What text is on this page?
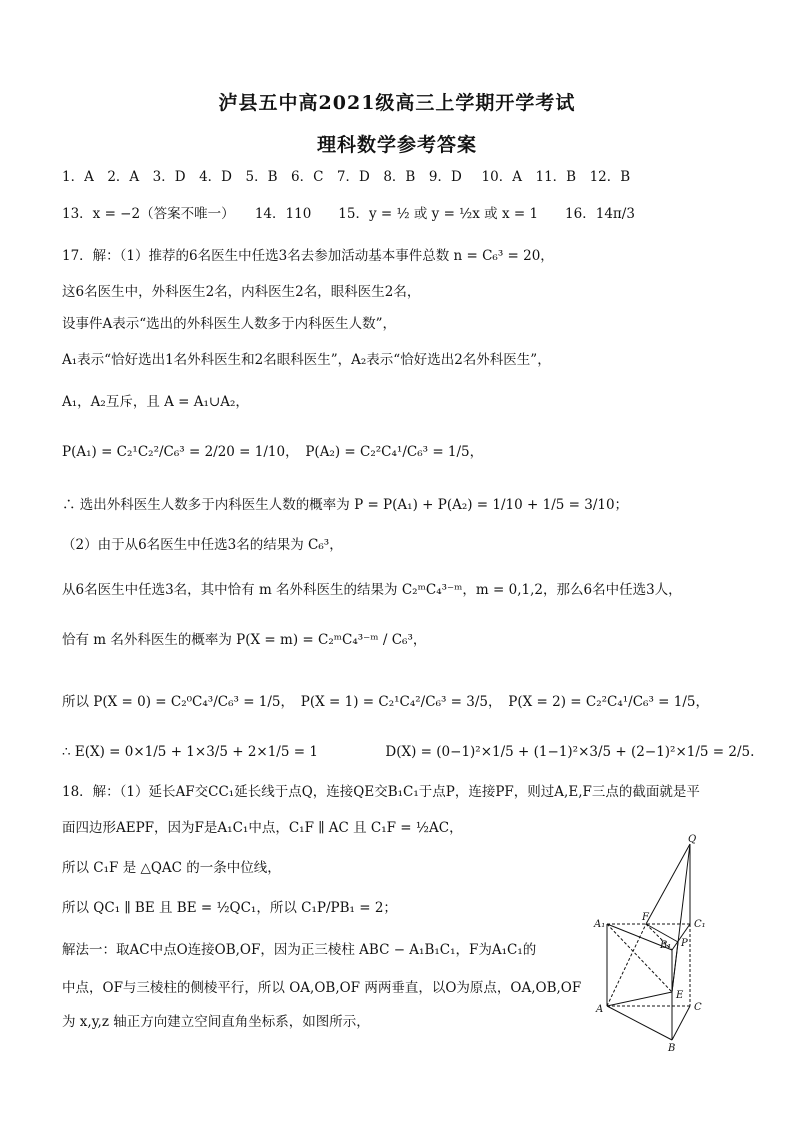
泸县五中高2021级高三上学期开学考试
理科数学参考答案
1．A　2．A　3．D　4．D　5．B　6．C　7．D　8．B　9．D　 10．A　11．B　12．B
13．x = −2（答案不唯一）　　14．110　　15．y = ½ 或 y = ½x 或 x = 1　　16．14π/3
17．解：（1）推荐的6名医生中任选3名去参加活动基本事件总数 n = C₆³ = 20，
这6名医生中，外科医生2名，内科医生2名，眼科医生2名，
设事件A表示“选出的外科医生人数多于内科医生人数”，
A₁表示“恰好选出1名外科医生和2名眼科医生”，A₂表示“恰好选出2名外科医生”，
A₁，A₂互斥，且 A = A₁∪A₂，
P(A₁) = C₂¹C₂²/C₆³ = 2/20 = 1/10，　P(A₂) = C₂²C₄¹/C₆³ = 1/5，
∴ 选出外科医生人数多于内科医生人数的概率为 P = P(A₁) + P(A₂) = 1/10 + 1/5 = 3/10；
（2）由于从6名医生中任选3名的结果为 C₆³，
从6名医生中任选3名，其中恰有 m 名外科医生的结果为 C₂ᵐC₄³⁻ᵐ，m = 0,1,2，那么6名中任选3人，
恰有 m 名外科医生的概率为 P(X = m) = C₂ᵐC₄³⁻ᵐ / C₆³，
所以 P(X = 0) = C₂⁰C₄³/C₆³ = 1/5，　P(X = 1) = C₂¹C₄²/C₆³ = 3/5，　P(X = 2) = C₂²C₄¹/C₆³ = 1/5，
∴ E(X) = 0×1/5 + 1×3/5 + 2×1/5 = 1　　　　　D(X) = (0−1)²×1/5 + (1−1)²×3/5 + (2−1)²×1/5 = 2/5.
18．解：（1）延长AF交CC₁延长线于点Q，连接QE交B₁C₁于点P，连接PF，则过A,E,F三点的截面就是平
面四边形AEPF，因为F是A₁C₁中点，C₁F ∥ AC 且 C₁F = ½AC，
所以 C₁F 是 △QAC 的一条中位线，
所以 QC₁ ∥ BE 且 BE = ½QC₁，所以 C₁P/PB₁ = 2；
解法一：取AC中点O连接OB,OF，因为正三棱柱 ABC − A₁B₁C₁，F为A₁C₁的
中点，OF与三棱柱的侧棱平行，所以 OA,OB,OF 两两垂直，以O为原点，OA,OB,OF
为 x,y,z 轴正方向建立空间直角坐标系，如图所示，
Q
A₁
F
C₁
B₁ P
E
A	C
B
